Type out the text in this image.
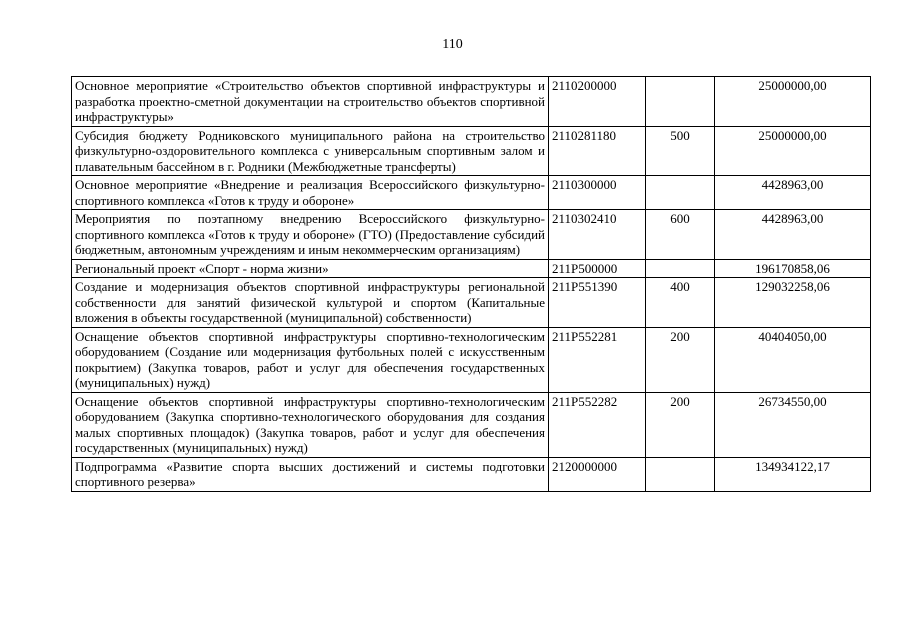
110
Основное мероприятие «Строительство объектов спортивной инфраструктуры и разработка проектно-сметной документации на строительство объектов спортивной инфраструктуры»	2110200000		25000000,00
Субсидия бюджету Родниковского муниципального района на строительство физкультурно-оздоровительного комплекса с универсальным спортивным залом и плавательным бассейном в г. Родники (Межбюджетные трансферты)	2110281180	500	25000000,00
Основное мероприятие «Внедрение и реализация Всероссийского физкультурно-спортивного комплекса «Готов к труду и обороне»	2110300000		4428963,00
Мероприятия по поэтапному внедрению Всероссийского физкультурно-спортивного комплекса «Готов к труду и обороне» (ГТО) (Предоставление субсидий бюджетным, автономным учреждениям и иным некоммерческим организациям)	2110302410	600	4428963,00
Региональный проект «Спорт - норма жизни»	211P500000		196170858,06
Создание и модернизация объектов спортивной инфраструктуры региональной собственности для занятий физической культурой и спортом (Капитальные вложения в объекты государственной (муниципальной) собственности)	211P551390	400	129032258,06
Оснащение объектов спортивной инфраструктуры спортивно-технологическим оборудованием (Создание или модернизация футбольных полей с искусственным покрытием) (Закупка товаров, работ и услуг для обеспечения государственных (муниципальных) нужд)	211P552281	200	40404050,00
Оснащение объектов спортивной инфраструктуры спортивно-технологическим оборудованием (Закупка спортивно-технологического оборудования для создания малых спортивных площадок) (Закупка товаров, работ и услуг для обеспечения государственных (муниципальных) нужд)	211P552282	200	26734550,00
Подпрограмма «Развитие спорта высших достижений и системы подготовки спортивного резерва»	2120000000		134934122,17
